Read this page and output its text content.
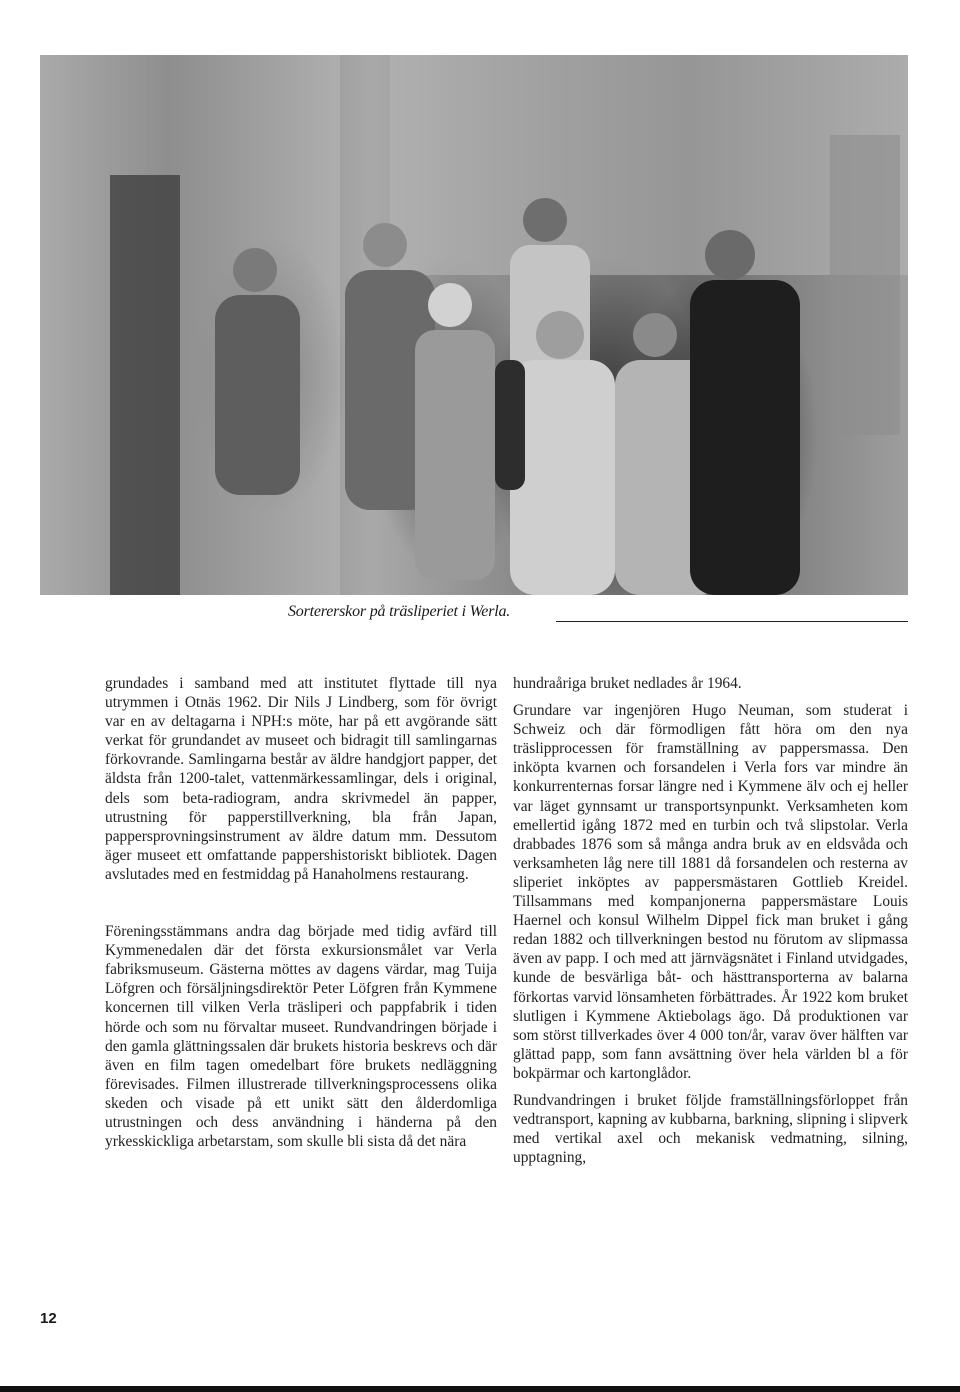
Sortererskor på träsliperiet i Werla.

grundades i samband med att institutet flyttade till nya utrymmen i Otnäs 1962. Dir Nils J Lindberg, som för övrigt var en av deltagarna i NPH:s möte, har på ett avgörande sätt verkat för grundandet av museet och bidragit till samlingarnas förkovrande. Samlingarna består av äldre handgjort papper, det äldsta från 1200-talet, vattenmärkessamlingar, dels i original, dels som beta-radiogram, andra skrivmedel än papper, utrustning för papperstillverkning, bla från Japan, pappersprovningsinstrument av äldre datum mm. Dessutom äger museet ett omfattande pappershistoriskt bibliotek. Dagen avslutades med en festmiddag på Hanaholmens restaurang.

Föreningsstämmans andra dag började med tidig avfärd till Kymmenedalen där det första exkursionsmålet var Verla fabriksmuseum. Gästerna möttes av dagens värdar, mag Tuija Löfgren och försäljningsdirektör Peter Löfgren från Kymmene koncernen till vilken Verla träsliperi och pappfabrik i tiden hörde och som nu förvaltar museet. Rundvandringen började i den gamla glättningssalen där brukets historia beskrevs och där även en film tagen omedelbart före brukets nedläggning förevisades. Filmen illustrerade tillverkningsprocessens olika skeden och visade på ett unikt sätt den ålderdomliga utrustningen och dess användning i händerna på den yrkesskickliga arbetarstam, som skulle bli sista då det nära

hundraåriga bruket nedlades år 1964.

Grundare var ingenjören Hugo Neuman, som studerat i Schweiz och där förmodligen fått höra om den nya träslipprocessen för framställning av pappersmassa. Den inköpta kvarnen och forsandelen i Verla fors var mindre än konkurrenternas forsar längre ned i Kymmene älv och ej heller var läget gynnsamt ur transportsynpunkt. Verksamheten kom emellertid igång 1872 med en turbin och två slipstolar. Verla drabbades 1876 som så många andra bruk av en eldsvåda och verksamheten låg nere till 1881 då forsandelen och resterna av sliperiet inköptes av pappersmästaren Gottlieb Kreidel. Tillsammans med kompanjonerna pappersmästare Louis Haernel och konsul Wilhelm Dippel fick man bruket i gång redan 1882 och tillverkningen bestod nu förutom av slipmassa även av papp. I och med att järnvägsnätet i Finland utvidgades, kunde de besvärliga båt- och hästtransporterna av balarna förkortas varvid lönsamheten förbättrades. År 1922 kom bruket slutligen i Kymmene Aktiebolags ägo. Då produktionen var som störst tillverkades över 4 000 ton/år, varav över hälften var glättad papp, som fann avsättning över hela världen bl a för bokpärmar och kartonglådor.

Rundvandringen i bruket följde framställningsförloppet från vedtransport, kapning av kubbarna, barkning, slipning i slipverk med vertikal axel och mekanisk vedmatning, silning, upptagning,

12
